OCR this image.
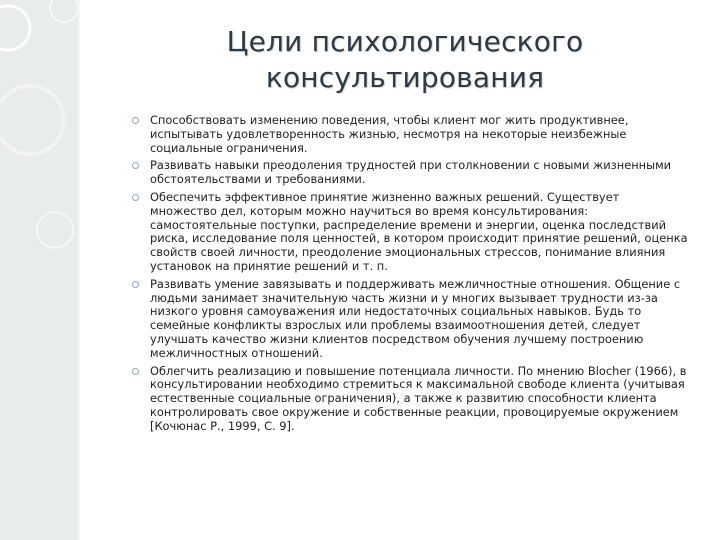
Цели психологического
консультирования
Способствовать изменению поведения, чтобы клиент мог жить продуктивнее, испытывать удовлетворенность жизнью, несмотря на некоторые неизбежные социальные ограничения.
Развивать навыки преодоления трудностей при столкновении с новыми жизненными обстоятельствами и требованиями.
Обеспечить эффективное принятие жизненно важных решений. Существует множество дел, которым можно научиться во время консультирования: самостоятельные поступки, распределение времени и энергии, оценка последствий риска, исследование поля ценностей, в котором происходит принятие решений, оценка свойств своей личности, преодоление эмоциональных стрессов, понимание влияния установок на принятие решений и т. п.
Развивать умение завязывать и поддерживать межличностные отношения. Общение с людьми занимает значительную часть жизни и у многих вызывает трудности из-за низкого уровня самоуважения или недостаточных социальных навыков. Будь то семейные конфликты взрослых или проблемы взаимоотношения детей, следует улучшать качество жизни клиентов посредством обучения лучшему построению межличностных отношений.
Облегчить реализацию и повышение потенциала личности. По мнению Blocher (1966), в консультировании необходимо стремиться к максимальной свободе клиента (учитывая естественные социальные ограничения), а также к развитию способности клиента контролировать свое окружение и собственные реакции, провоцируемые окружением [Кочюнас Р., 1999, С. 9].
